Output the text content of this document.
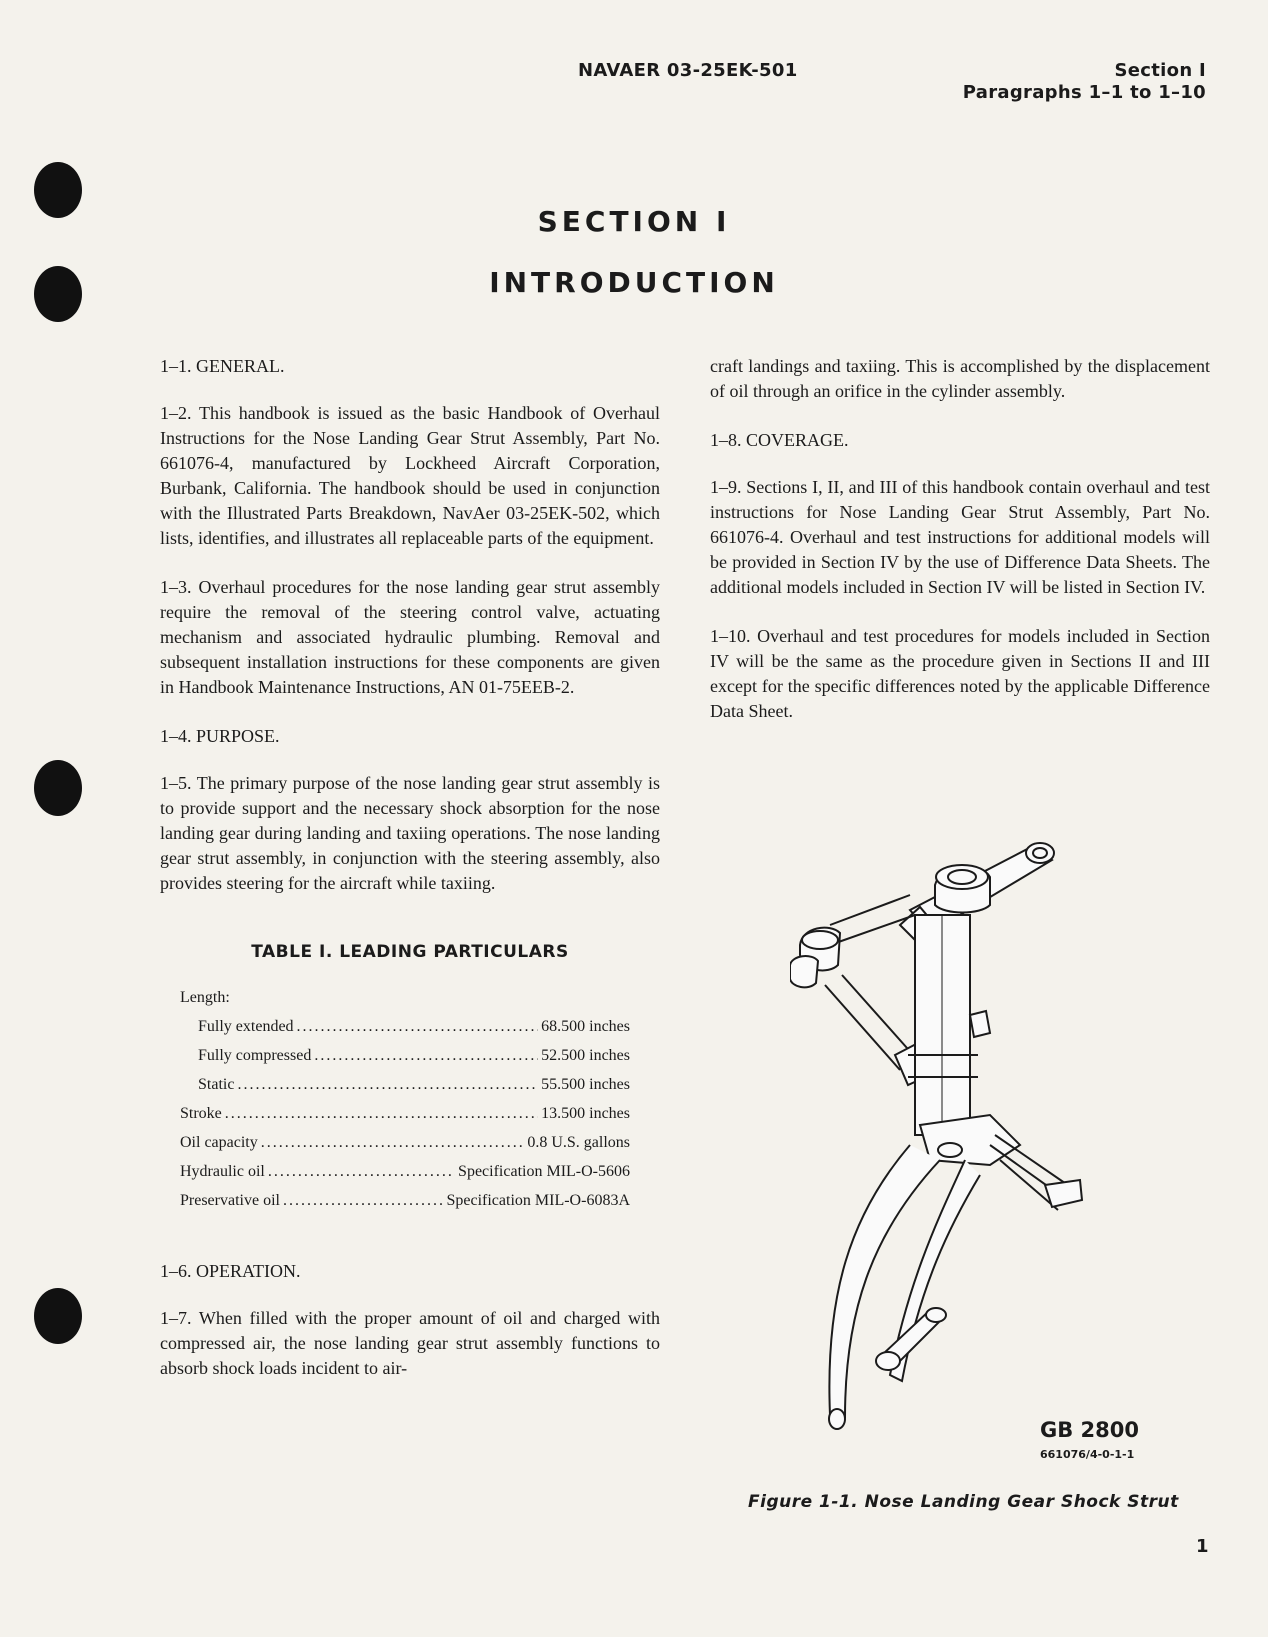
NAVAER 03-25EK-501	Section I
Paragraphs 1–1 to 1–10
SECTION I
INTRODUCTION

1–1. GENERAL.

1–2. This handbook is issued as the basic Handbook of Overhaul Instructions for the Nose Landing Gear Strut Assembly, Part No. 661076-4, manufactured by Lockheed Aircraft Corporation, Burbank, California. The handbook should be used in conjunction with the Illustrated Parts Breakdown, NavAer 03-25EK-502, which lists, identifies, and illustrates all replaceable parts of the equipment.

1–3. Overhaul procedures for the nose landing gear strut assembly require the removal of the steering control valve, actuating mechanism and associated hydraulic plumbing. Removal and subsequent installation instructions for these components are given in Handbook Maintenance Instructions, AN 01-75EEB-2.

1–4. PURPOSE.

1–5. The primary purpose of the nose landing gear strut assembly is to provide support and the necessary shock absorption for the nose landing gear during landing and taxiing operations. The nose landing gear strut assembly, in conjunction with the steering assembly, also provides steering for the aircraft while taxiing.

TABLE I. LEADING PARTICULARS
Length:
Fully extended . . .	68.500 inches
Fully compressed . . .	52.500 inches
Static . . .	55.500 inches
Stroke . . .	13.500 inches
Oil capacity . . .	0.8 U.S. gallons
Hydraulic oil . . .	Specification MIL-O-5606
Preservative oil . . .	Specification MIL-O-6083A

1–6. OPERATION.

1–7. When filled with the proper amount of oil and charged with compressed air, the nose landing gear strut assembly functions to absorb shock loads incident to air-

craft landings and taxiing. This is accomplished by the displacement of oil through an orifice in the cylinder assembly.

1–8. COVERAGE.

1–9. Sections I, II, and III of this handbook contain overhaul and test instructions for Nose Landing Gear Strut Assembly, Part No. 661076-4. Overhaul and test instructions for additional models will be provided in Section IV by the use of Difference Data Sheets. The additional models included in Section IV will be listed in Section IV.

1–10. Overhaul and test procedures for models included in Section IV will be the same as the procedure given in Sections II and III except for the specific differences noted by the applicable Difference Data Sheet.

GB 2800
661076/4-0-1-1
Figure 1-1. Nose Landing Gear Shock Strut
1
